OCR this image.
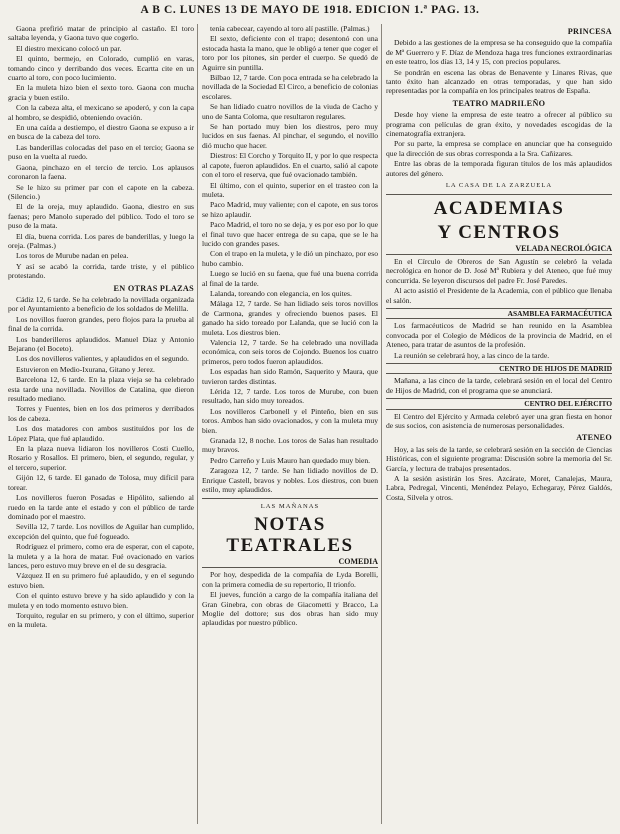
A B C. LUNES 13 DE MAYO DE 1918. EDICION 1.ª PAG. 13.

Gaona prefirió matar de principio al castaño. El toro saltaba leyenda, y Gaona tuvo que cogerlo.

El diestro mexicano colocó un par.

El quinto, bermejo, en Colorado, cumplió en varas, tomando cinco y derribando dos veces. Ecartta cite en un cuarto al toro, con poco lucimiento.

En la muleta hizo bien el sexto toro. Gaona con mucha gracia y buen estilo.

Con la cabeza alta, el mexicano se apoderó, y con la capa al hombro, se despidió, obteniendo ovación.

En una caída a destiempo, el diestro Gaona se expuso a ir en busca de la cabeza del toro.

Las banderillas colocadas del paso en el tercio; Gaona se puso en la vuelta al ruedo.

Gaona, pinchazo en el tercio de tercio. Los aplausos coronaron la faena.

Se le hizo su primer par con el capote en la cabeza. (Silencio.)

El de la oreja, muy aplaudido. Gaona, diestro en sus faenas; pero Manolo superado del público. Todo el toro se puso de la mata.

El día, buena corrida. Los pares de banderillas, y luego la oreja. (Palmas.)

Los toros de Murube nadan en pelea.

Y así se acabó la corrida, tarde triste, y el público protestando.

EN OTRAS PLAZAS

Cádiz 12, 6 tarde. Se ha celebrado la novillada organizada por el Ayuntamiento a beneficio de los soldados de Melilla.

Los novillos fueron grandes, pero flojos para la prueba al final de la corrida.

Los banderilleros aplaudidos. Manuel Díaz y Antonio Bejarano (el Boceto).

Los dos novilleros valientes, y aplaudidos en el segundo.

Estuvieron en Medio-Ixurana, Gitano y Jerez.

Barcelona 12, 6 tarde. En la plaza vieja se ha celebrado esta tarde una novillada. Novillos de Catalina, que dieron resultado mediano.

Torres y Fuentes, bien en los dos primeros y derribados los de cabeza.

Los dos matadores con ambos sustituídos por los de López Plata, que fué aplaudido.

En la plaza nueva lidiaron los novilleros Costi Cuello, Rosario y Rosallos. El primero, bien, el segundo, regular, y el tercero, superior.

Gijón 12, 6 tarde. El ganado de Tolosa, muy difícil para torear.

Los novilleros fueron Posadas e Hipólito, saliendo al ruedo en la tarde ante el estado y con el público de tarde dominado por el maestro.

Sevilla 12, 7 tarde. Los novillos de Aguilar han cumplido, excepción del quinto, que fué fogueado.

Rodríguez el primero, como era de esperar, con el capote, la muleta y a la hora de matar. Fué ovacionado en varios lances, pero estuvo muy breve en el de su desgracia.

Vázquez II en su primero fué aplaudido, y en el segundo estuvo bien.

Con el quinto estuvo breve y ha sido aplaudido y con la muleta y en todo momento estuvo bien.

Torquito, regular en su primero, y con el último, superior en la muleta.

tenía cabecear, cayendo al toro alí pastille. (Palmas.)

El sexto, deficiente con el trapo; desentonó con una estocada hasta la mano, que le obligó a tener que coger el toro por los pitones, sin perder el cuerpo. Se quedó de Aguirre sin puntilla.

Bilbao 12, 7 tarde. Con poca entrada se ha celebrado la novillada de la Sociedad El Circo, a beneficio de colonias escolares.

Se han lidiado cuatro novillos de la viuda de Cacho y uno de Santa Coloma, que resultaron regulares.

Se han portado muy bien los diestros, pero muy lucidos en sus faenas. Al pinchar, el segundo, el novillo dió mucho que hacer.

Diestros: El Corcho y Torquito II, y por lo que respecta al capote, fueron aplaudidos. En el cuarto, salió al capote con el toro el reserva, que fué ovacionado también.

El último, con el quinto, superior en el trasteo con la muleta.

Paco Madrid, muy valiente; con el capote, en sus toros se hizo aplaudir.

Paco Madrid, el toro no se deja, y es por eso por lo que el final tuvo que hacer entrega de su capa, que se le ha lucido con grandes pases.

Con el trapo en la muleta, y le dió un pinchazo, por eso hubo cambio.

Luego se lució en su faena, que fué una buena corrida al final de la tarde.

Lalanda, toreando con elegancia, en los quites.

Málaga 12, 7 tarde. Se han lidiado seis toros novillos de Carmona, grandes y ofreciendo buenos pases. El ganado ha sido toreado por Lalanda, que se lució con la muleta. Los diestros bien.

Valencia 12, 7 tarde. Se ha celebrado una novillada económica, con seis toros de Cojondo. Buenos los cuatro primeros, pero todos fueron aplaudidos.

Los espadas han sido Ramón, Saquerito y Maura, que tuvieron tardes distintas.

Lérida 12, 7 tarde. Los toros de Murube, con buen resultado, han sido muy toreados.

Los novilleros Carbonell y el Pinteño, bien en sus toros. Ambos han sido ovacionados, y con la muleta muy bien.

Granada 12, 8 noche. Los toros de Salas han resultado muy bravos.

Pedro Carreño y Luis Mauro han quedado muy bien.

Zaragoza 12, 7 tarde. Se han lidiado novillos de D. Enrique Castell, bravos y nobles. Los diestros, con buen estilo, muy aplaudidos.

LAS MAÑANAS
NOTAS TEATRALES
COMEDIA

Por hoy, despedida de la compañía de Lyda Borelli, con la primera comedia de su repertorio, Il trionfo.

El jueves, función a cargo de la compañía italiana del Gran Ginebra, con obras de Giacometti y Bracco, La Moglie del dottore; sus dos obras han sido muy aplaudidas por nuestro público.

PRINCESA

Debido a las gestiones de la empresa se ha conseguido que la compañía de Mª Guerrero y F. Díaz de Mendoza haga tres funciones extraordinarias en este teatro, los días 13, 14 y 15, con precios populares.

Se pondrán en escena las obras de Benavente y Linares Rivas, que tanto éxito han alcanzado en otras temporadas, y que han sido representadas por la compañía en los principales teatros de España.

TEATRO MADRILEÑO

Desde hoy viene la empresa de este teatro a ofrecer al público su programa con películas de gran éxito, y novedades escogidas de la cinematografía extranjera.

Por su parte, la empresa se complace en anunciar que ha conseguido que la dirección de sus obras corresponda a la Sra. Cañizares.

Entre las obras de la temporada figuran títulos de los más aplaudidos autores del género.

LA CASA DE LA ZARZUELA
ACADEMIAS
Y CENTROS
VELADA NECROLÓGICA

En el Círculo de Obreros de San Agustín se celebró la velada necrológica en honor de D. José Mª Rubiera y del Ateneo, que fué muy concurrida. Se leyeron discursos del padre Fr. José Paredes.

Al acto asistió el Presidente de la Academia, con el público que llenaba el salón.

ASAMBLEA FARMACÉUTICA

Los farmacéuticos de Madrid se han reunido en la Asamblea convocada por el Colegio de Médicos de la provincia de Madrid, en el Ateneo, para tratar de asuntos de la profesión.

La reunión se celebrará hoy, a las cinco de la tarde.

CENTRO DE HIJOS DE MADRID

Mañana, a las cinco de la tarde, celebrará sesión en el local del Centro de Hijos de Madrid, con el programa que se anunciará.

CENTRO DEL EJÉRCITO

El Centro del Ejército y Armada celebró ayer una gran fiesta en honor de sus socios, con asistencia de numerosas personalidades.

ATENEO

Hoy, a las seis de la tarde, se celebrará sesión en la sección de Ciencias Históricas, con el siguiente programa: Discusión sobre la memoria del Sr. García, y lectura de trabajos presentados.

A la sesión asistirán los Sres. Azcárate, Moret, Canalejas, Maura, Labra, Pedregal, Vincenti, Menéndez Pelayo, Echegaray, Pérez Galdós, Costa, Silvela y otros.
